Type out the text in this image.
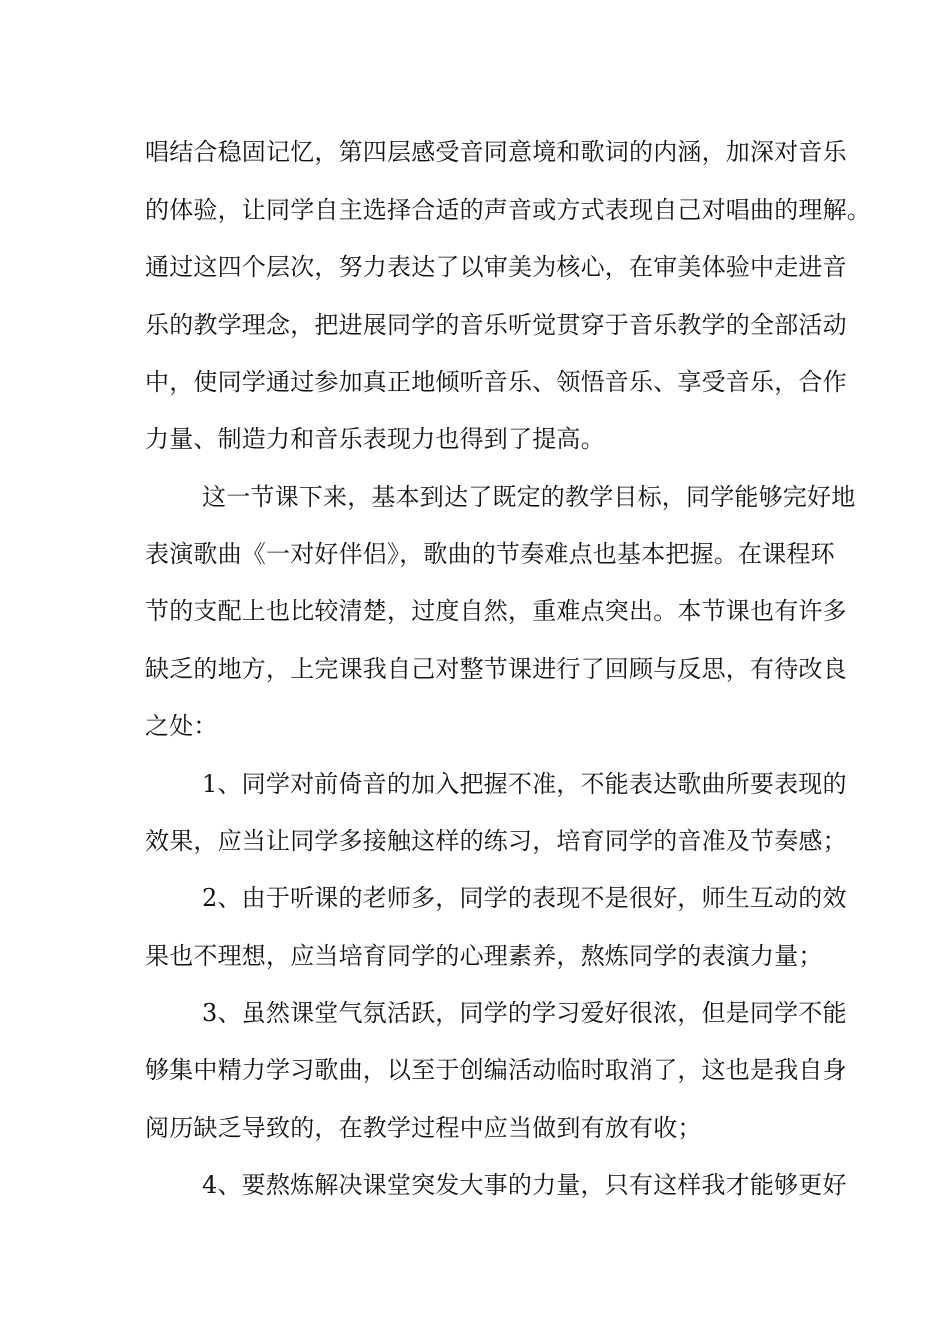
唱结合稳固记忆，第四层感受音同意境和歌词的内涵，加深对音乐
的体验，让同学自主选择合适的声音或方式表现自己对唱曲的理解。
通过这四个层次，努力表达了以审美为核心，在审美体验中走进音
乐的教学理念，把进展同学的音乐听觉贯穿于音乐教学的全部活动
中，使同学通过参加真正地倾听音乐、领悟音乐、享受音乐，合作
力量、制造力和音乐表现力也得到了提高。
这一节课下来，基本到达了既定的教学目标，同学能够完好地
表演歌曲《一对好伴侣》，歌曲的节奏难点也基本把握。在课程环
节的支配上也比较清楚，过度自然，重难点突出。本节课也有许多
缺乏的地方，上完课我自己对整节课进行了回顾与反思，有待改良
之处：
1、同学对前倚音的加入把握不准，不能表达歌曲所要表现的
效果，应当让同学多接触这样的练习，培育同学的音准及节奏感；
2、由于听课的老师多，同学的表现不是很好，师生互动的效
果也不理想，应当培育同学的心理素养，熬炼同学的表演力量；
3、虽然课堂气氛活跃，同学的学习爱好很浓，但是同学不能
够集中精力学习歌曲，以至于创编活动临时取消了，这也是我自身
阅历缺乏导致的，在教学过程中应当做到有放有收；
4、要熬炼解决课堂突发大事的力量，只有这样我才能够更好
